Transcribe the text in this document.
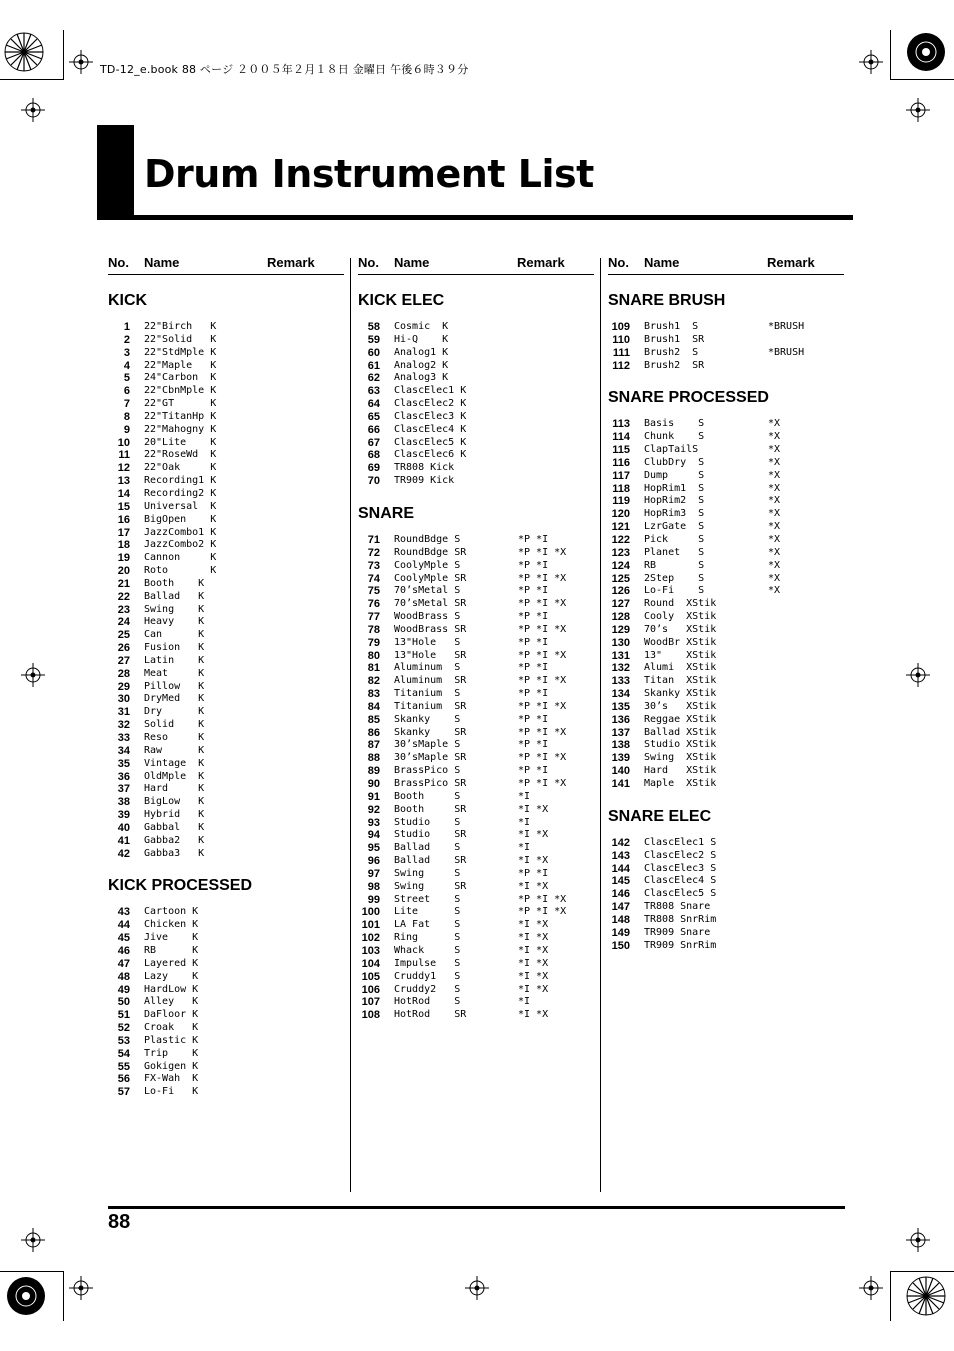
TD-12_e.book 88 ページ ２００５年２月１８日 金曜日 午後６時３９分
Drum Instrument List
No. Name	Remark
KICK
1 22"Birch   K
2 22"Solid   K
3 22"StdMple K
4 22"Maple   K
5 24"Carbon  K
6 22"CbnMple K
7 22"GT      K
8 22"TitanHp K
9 22"Mahogny K
10 20"Lite    K
11 22"RoseWd  K
12 22"Oak     K
13 Recording1 K
14 Recording2 K
15 Universal  K
16 BigOpen    K
17 JazzCombo1 K
18 JazzCombo2 K
19 Cannon     K
20 Roto       K
21 Booth    K
22 Ballad   K
23 Swing    K
24 Heavy    K
25 Can      K
26 Fusion   K
27 Latin    K
28 Meat     K
29 Pillow   K
30 DryMed   K
31 Dry      K
32 Solid    K
33 Reso     K
34 Raw      K
35 Vintage  K
36 OldMple  K
37 Hard     K
38 BigLow   K
39 Hybrid   K
40 Gabbal   K
41 Gabba2   K
42 Gabba3   K
KICK PROCESSED
43 Cartoon K
44 Chicken K
45 Jive    K
46 RB      K
47 Layered K
48 Lazy    K
49 HardLow K
50 Alley   K
51 DaFloor K
52 Croak   K
53 Plastic K
54 Trip    K
55 Gokigen K
56 FX-Wah  K
57 Lo-Fi   K
No. Name	Remark
KICK ELEC
58 Cosmic  K
59 Hi-Q    K
60 Analog1 K
61 Analog2 K
62 Analog3 K
63 ClascElec1 K
64 ClascElec2 K
65 ClascElec3 K
66 ClascElec4 K
67 ClascElec5 K
68 ClascElec6 K
69 TR808 Kick
70 TR909 Kick
SNARE
71 RoundBdge S	*P *I
72 RoundBdge SR	*P *I *X
73 CoolyMple S	*P *I
74 CoolyMple SR	*P *I *X
75 70’sMetal S	*P *I
76 70’sMetal SR	*P *I *X
77 WoodBrass S	*P *I
78 WoodBrass SR	*P *I *X
79 13"Hole   S	*P *I
80 13"Hole   SR	*P *I *X
81 Aluminum  S	*P *I
82 Aluminum  SR	*P *I *X
83 Titanium  S	*P *I
84 Titanium  SR	*P *I *X
85 Skanky    S	*P *I
86 Skanky    SR	*P *I *X
87 30’sMaple S	*P *I
88 30’sMaple SR	*P *I *X
89 BrassPico S	*P *I
90 BrassPico SR	*P *I *X
91 Booth     S	*I
92 Booth     SR	*I *X
93 Studio    S	*I
94 Studio    SR	*I *X
95 Ballad    S	*I
96 Ballad    SR	*I *X
97 Swing     S	*P *I
98 Swing     SR	*I *X
99 Street    S	*P *I *X
100 Lite      S	*P *I *X
101 LA Fat    S	*I *X
102 Ring      S	*I *X
103 Whack     S	*I *X
104 Impulse   S	*I *X
105 Cruddy1   S	*I *X
106 Cruddy2   S	*I *X
107 HotRod    S	*I
108 HotRod    SR	*I *X
No. Name	Remark
SNARE BRUSH
109 Brush1  S	*BRUSH
110 Brush1  SR
111 Brush2  S	*BRUSH
112 Brush2  SR
SNARE PROCESSED
113 Basis    S	*X
114 Chunk    S	*X
115 ClapTailS	*X
116 ClubDry  S	*X
117 Dump     S	*X
118 HopRim1  S	*X
119 HopRim2  S	*X
120 HopRim3  S	*X
121 LzrGate  S	*X
122 Pick     S	*X
123 Planet   S	*X
124 RB       S	*X
125 2Step    S	*X
126 Lo-Fi    S	*X
127 Round  XStik
128 Cooly  XStik
129 70’s   XStik
130 WoodBr XStik
131 13"    XStik
132 Alumi  XStik
133 Titan  XStik
134 Skanky XStik
135 30’s   XStik
136 Reggae XStik
137 Ballad XStik
138 Studio XStik
139 Swing  XStik
140 Hard   XStik
141 Maple  XStik
SNARE ELEC
142 ClascElec1 S
143 ClascElec2 S
144 ClascElec3 S
145 ClascElec4 S
146 ClascElec5 S
147 TR808 Snare
148 TR808 SnrRim
149 TR909 Snare
150 TR909 SnrRim
88
